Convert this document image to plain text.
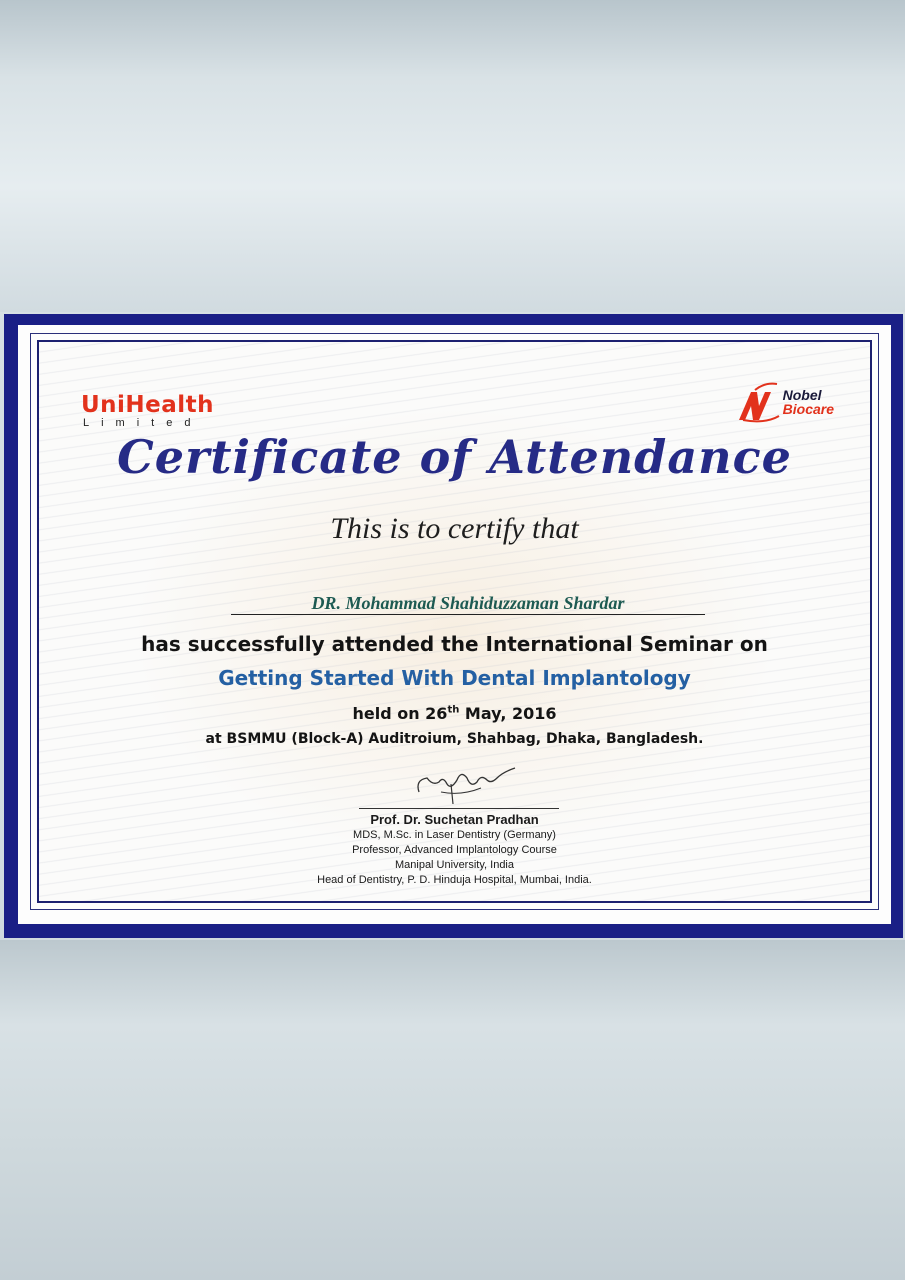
UniHealth
Limited
Nobel
Biocare
Certificate of Attendance
This is to certify that
DR. Mohammad Shahiduzzaman Shardar
has successfully attended the International Seminar on
Getting Started With Dental Implantology
held on 26th May, 2016
at BSMMU (Block-A) Auditroium, Shahbag, Dhaka, Bangladesh.
Prof. Dr. Suchetan Pradhan
MDS, M.Sc. in Laser Dentistry (Germany)
Professor, Advanced Implantology Course
Manipal University, India
Head of Dentistry, P. D. Hinduja Hospital, Mumbai, India.
